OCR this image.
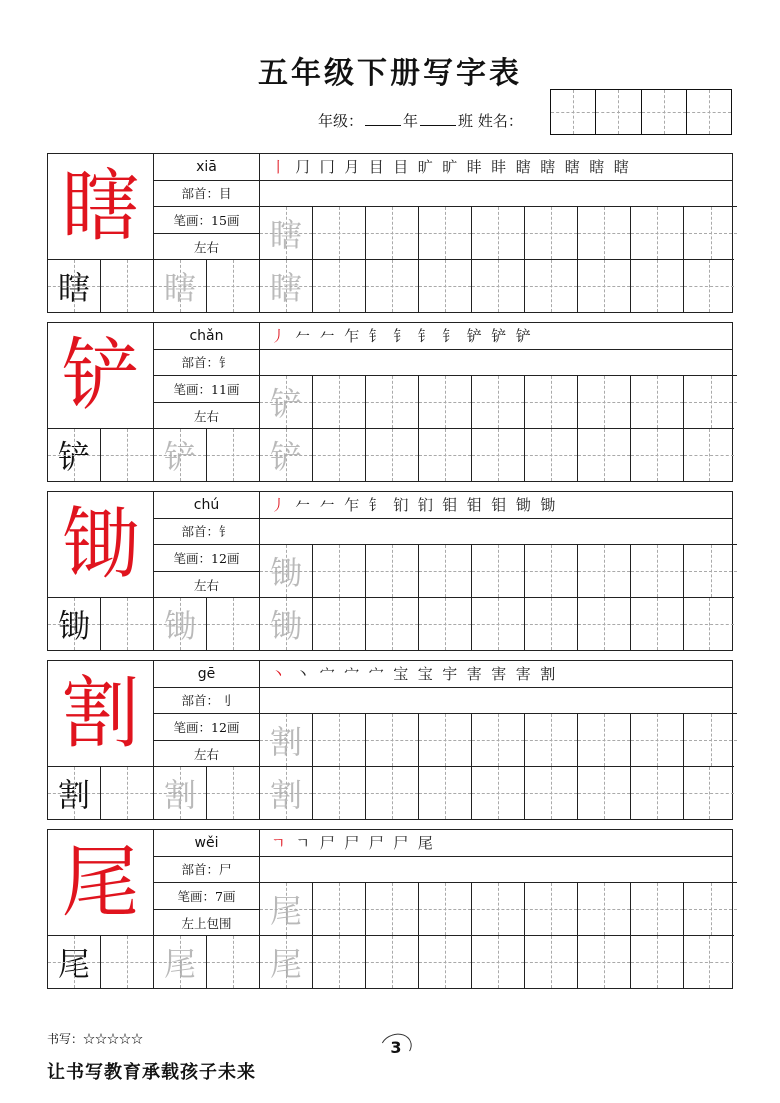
五年级下册写字表
年级：	年	班 姓名：
瞎	xiā
部首：目
笔画：15画
左右
丨 ⺆ 冂 月 目 目 旷 旷 盽 盽 瞎 瞎 瞎 瞎 瞎
瞎
瞎 瞎 瞎
铲	chǎn
部首：钅
笔画：11画
左右
丿 𠂉 𠂉 乍 钅 钅 钅 钅 铲 铲 铲
铲
铲 铲 铲
锄	chú
部首：钅
笔画：12画
左右
丿 𠂉 𠂉 乍 钅 钔 钔 钼 钼 钼 锄 锄
锄
锄 锄 锄
割	gē
部首：刂
笔画：12画
左右
丶 丶 宀 宀 宀 宝 宝 宇 害 害 害 割
割
割 割 割
尾	wěi
部首：尸
笔画：7画
左上包围
ㄱ ㄱ 尸 尸 尸 尸 尾
尾
尾 尾 尾
书写：☆☆☆☆☆	3
让书写教育承载孩子未来
